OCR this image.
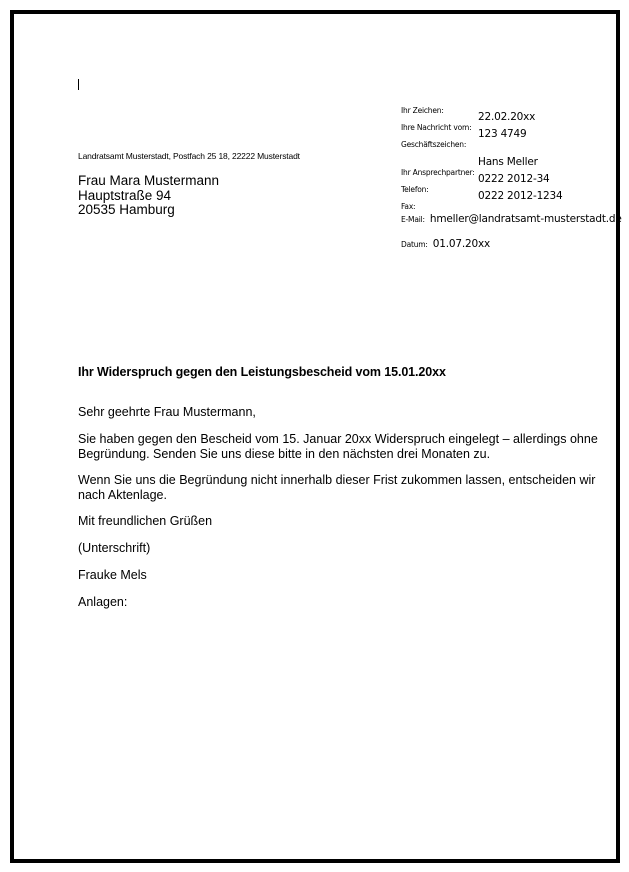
Landratsamt Musterstadt, Postfach 25 18, 22222 Musterstadt
Frau Mara Mustermann
Hauptstraße 94
20535 Hamburg
Ihr Zeichen:
Ihre Nachricht vom:
22.02.20xx
Geschäftszeichen:
123 4749
Ihr Ansprechpartner:
Hans Meller
Telefon:
0222 2012-34
Fax:
0222 2012-1234
E-Mail: hmeller@landratsamt-musterstadt.de
Datum: 01.07.20xx
Ihr Widerspruch gegen den Leistungsbescheid vom 15.01.20xx
Sehr geehrte Frau Mustermann,
Sie haben gegen den Bescheid vom 15. Januar 20xx Widerspruch eingelegt – allerdings ohne
Begründung. Senden Sie uns diese bitte in den nächsten drei Monaten zu.
Wenn Sie uns die Begründung nicht innerhalb dieser Frist zukommen lassen, entscheiden wir
nach Aktenlage.
Mit freundlichen Grüßen
(Unterschrift)
Frauke Mels
Anlagen:
